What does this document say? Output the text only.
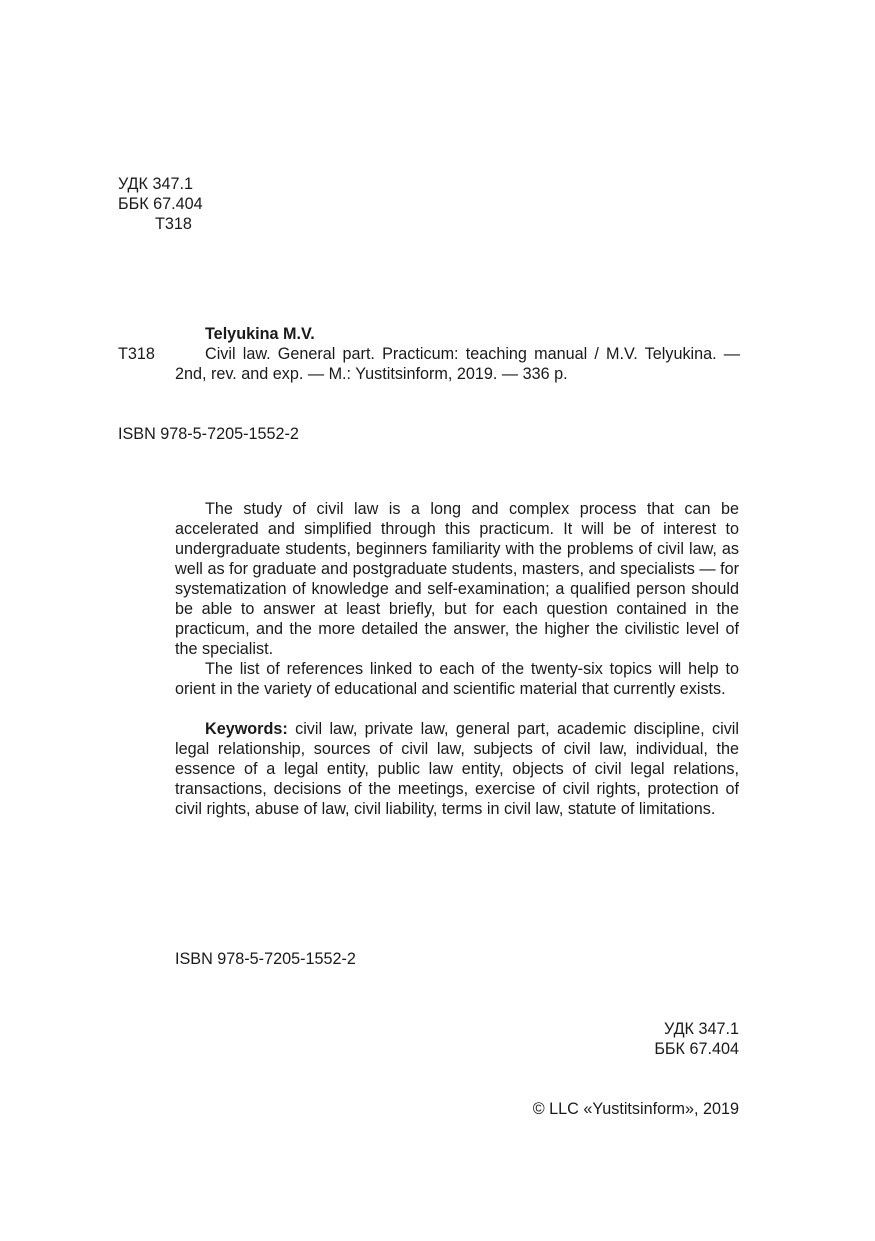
УДК 347.1
ББК 67.404
Т318
Telyukina M.V.
Т318	Civil law. General part. Practicum: teaching manual / M.V. Telyukina. — 2nd, rev. and exp. — M.: Yustitsinform, 2019. — 336 p.
ISBN 978-5-7205-1552-2

The study of civil law is a long and complex process that can be accelerated and simplified through this practicum. It will be of interest to undergraduate students, beginners familiarity with the problems of civil law, as well as for graduate and postgraduate students, masters, and specialists — for systematization of knowledge and self-examination; a qualified person should be able to answer at least briefly, but for each question contained in the practicum, and the more detailed the answer, the higher the civilistic level of the specialist.

The list of references linked to each of the twenty-six topics will help to orient in the variety of educational and scientific material that currently exists.

Keywords: civil law, private law, general part, academic discipline, civil legal relationship, sources of civil law, subjects of civil law, individual, the essence of a legal entity, public law entity, objects of civil legal relations, transactions, decisions of the meetings, exercise of civil rights, protection of civil rights, abuse of law, civil liability, terms in civil law, statute of limitations.

ISBN 978-5-7205-1552-2
УДК 347.1
ББК 67.404
© LLC «Yustitsinform», 2019
